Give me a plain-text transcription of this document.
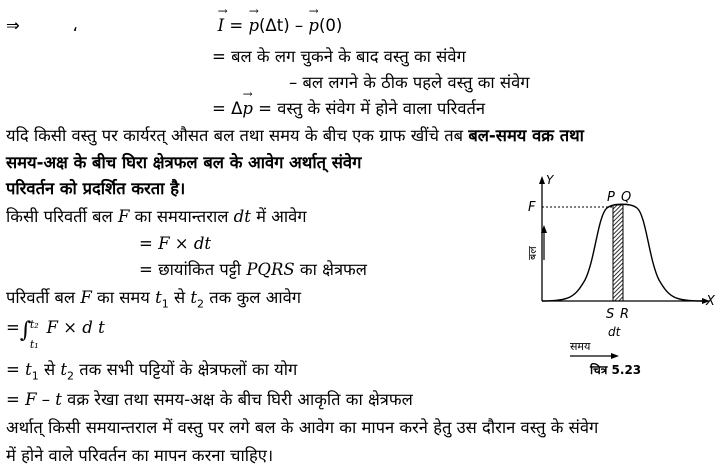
⇒	،  →	I = → p(Δt) – → p(0)
= बल के लग चुकने के बाद वस्तु का संवेग
– बल लगने के ठीक पहले वस्तु का संवेग
= Δ→ p = वस्तु के संवेग में होने वाला परिवर्तन
यदि किसी वस्तु पर कार्यरत् औसत बल तथा समय के बीच एक ग्राफ खींचे तब बल-समय वक्र तथा
समय-अक्ष के बीच घिरा क्षेत्रफल बल के आवेग अर्थात् संवेग
परिवर्तन को प्रदर्शित करता है।
किसी परिवर्ती बल F का समयान्तराल dt में आवेग
= F × dt
= छायांकित पट्टी PQRS का क्षेत्रफल
परिवर्ती बल F का समय $t_1$ से $t_2$ तक कुल आवेग
=∫
t₂
t₁
F × d t
= $t_1$ से $t_2$ तक सभी पट्टियों के क्षेत्रफलों का योग
= F – t वक्र रेखा तथा समय-अक्ष के बीच घिरी आकृति का क्षेत्रफल
अर्थात् किसी समयान्तराल में वस्तु पर लगे बल के आवेग का मापन करने हेतु उस दौरान वस्तु के संवेग
में होने वाले परिवर्तन का मापन करना चाहिए।
Y
X
F
P Q
S R
बल
समय
dt
चित्र 5.23
